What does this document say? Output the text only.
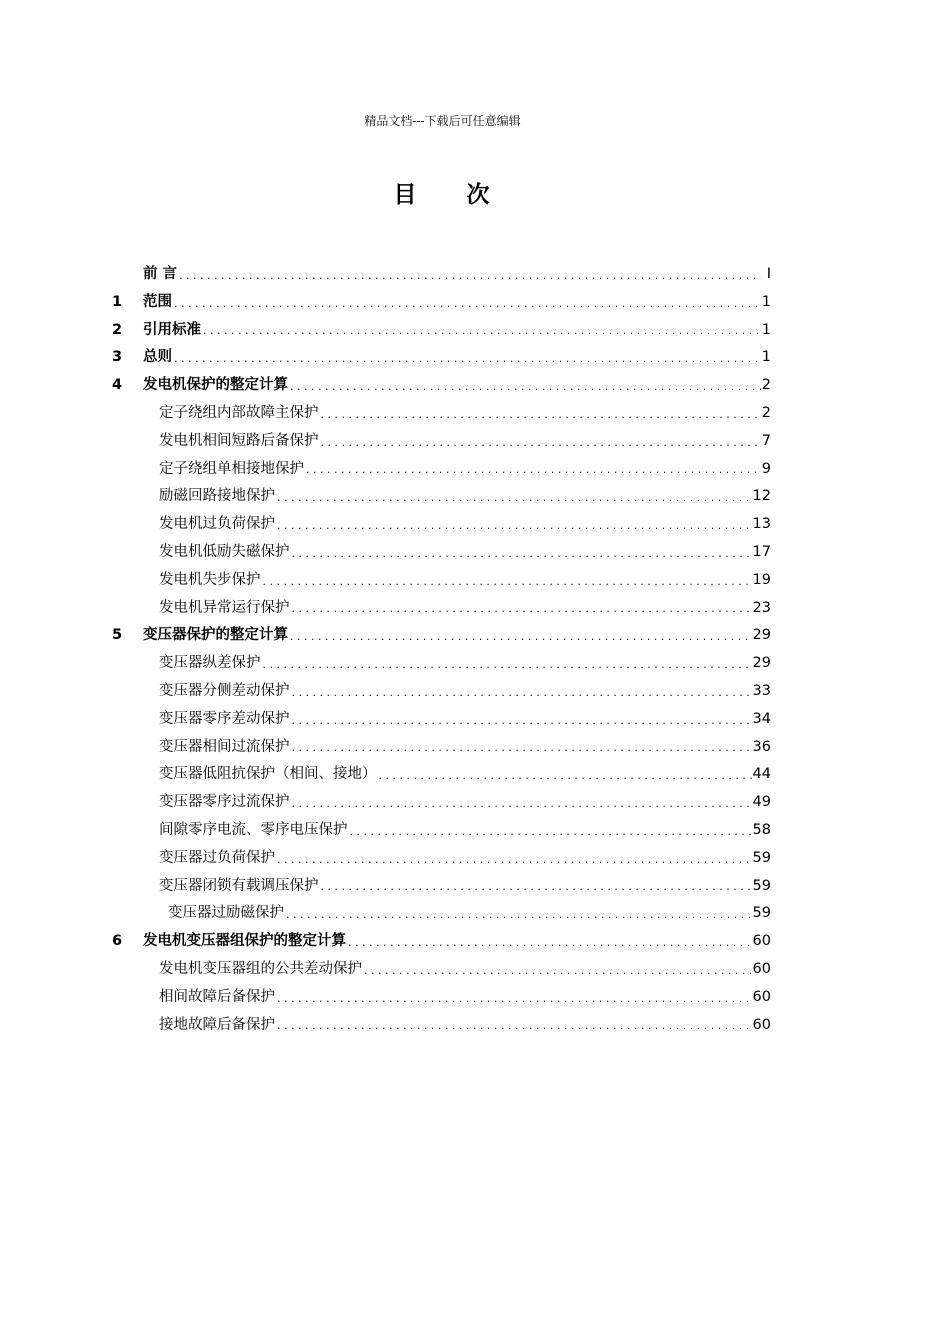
精品文档---下载后可任意编辑
目 次
前 言 .....	I
1	范围 .....	1
2	引用标准 .....	1
3	总则 .....	1
4	发电机保护的整定计算 .....	2
定子绕组内部故障主保护 .....	2
发电机相间短路后备保护 .....	7
定子绕组单相接地保护 .....	9
励磁回路接地保护 .....	12
发电机过负荷保护 .....	13
发电机低励失磁保护 .....	17
发电机失步保护 .....	19
发电机异常运行保护 .....	23
5	变压器保护的整定计算 .....	29
变压器纵差保护 .....	29
变压器分侧差动保护 .....	33
变压器零序差动保护 .....	34
变压器相间过流保护 .....	36
变压器低阻抗保护（相间、接地） .....	44
变压器零序过流保护 .....	49
间隙零序电流、零序电压保护 .....	58
变压器过负荷保护 .....	59
变压器闭锁有载调压保护 .....	59
变压器过励磁保护 .....	59
6	发电机变压器组保护的整定计算 .....	60
发电机变压器组的公共差动保护 .....	60
相间故障后备保护 .....	60
接地故障后备保护 .....	60
